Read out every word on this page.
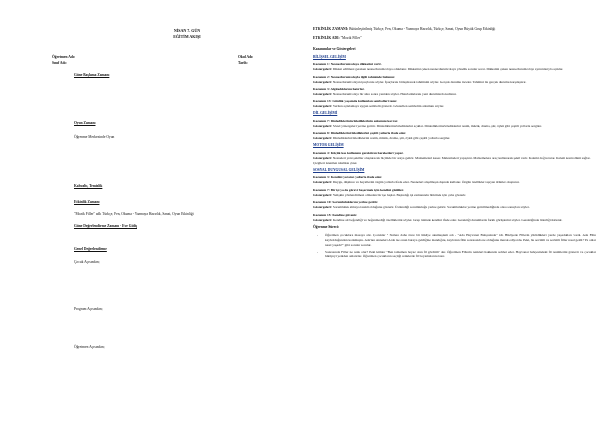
NİSAN 7. GÜN
EĞİTİM AKIŞI
Öğretmen Adı:	Okul Adı:
Sınıf Adı:	Tarih:
Güne Başlama Zamanı
Oyun Zamanı
Öğrenme Merkezinde Oyun
Kahvaltı, Temizlik
Etkinlik Zamanı
"Mozik Filler" adlı Türkçe, Fen, Okuma - Yazmaya Hazırlık, Sanat, Oyun Etkinliği
Güne Değerlendirme Zamanı - Eve Gidiş
Genel Değerlendirme
Çocuk Açısından;
Program Açısından;
Öğretmen Açısından;
ETKİNLİK ZAMANI: Bütünleştirilmiş Türkçe, Fen, Okuma - Yazmaya Hazırlık, Türkçe, Sanat, Oyun Büyük Grup Etkinliği
ETKİNLİK ADI: "Mozik Filler"
Kazanımlar ve Göstergeleri
BİLİŞSEL GELİŞİM
Kazanım 1: Nesne/durum/olaya dikkatini verir.
Göstergeleri: Dikkat edilmesi gereken nesne/durum/olaya odaklanır. Dikkatini çeken nesne/durum/olaya yönelik sorular sorar. Dikkatini çeken nesne/durum/olayı ayrıntılarıyla açıklar.
Kazanım 2: Nesne/durum/olayla ilgili tahminde bulunur.
Göstergeleri: Nesne/durum/olayın ipuçlarını söyler. İpuçlarını birleştirerek tahminini söyler. Gerçek durumu inceler. Tahmini ile gerçek durumu karşılaştırır.
Kazanım 3: Algıladıklarını hatırlar.
Göstergeleri: Nesne/durum/olayı bir süre sonra yeniden söyler. Hatırladıklarını yeni durumlarda kullanır.
Kazanım 13: Günlük yaşamda kullanılan sembolleri tanır.
Göstergeleri: Verilen açıklamaya uygun sembolü gösterir. Gösterilen sembolün anlamını söyler.
DİL GELİŞİMİ
Kazanım 7: Dinlediklerinin/izlediklerinin anlamını kavrar.
Göstergeleri: Sözel yönergeleri yerine getirir. Dinlediklerini/izlediklerini açıklar. Dinlediklerini/izlediklerini resim, müzik, drama, şiir, öykü gibi çeşitli yollarla sergiler.
Kazanım 8: Dinlediklerini/izlediklerini çeşitli yollarla ifade eder.
Göstergeleri: Dinlediklerini/izlediklerini resim, müzik, drama, şiir, öykü gibi çeşitli yollarla sergiler.
MOTOR GELİŞİM
Kazanım 4: Küçük kas kullanımı gerektiren hareketleri yapar.
Göstergeleri: Nesneleri yeni şekiller oluşturacak biçimde bir araya getirir. Malzemeleri keser. Malzemeleri yapıştırır. Malzemelere araç kullanarak şekil verir. Kalemi doğru tutar. Kalem kontrolünü sağlar. Çizgileri istenilen nitelikte çizer.
SOSYAL DUYGUSAL GELİŞİM
Kazanım 3: Kendini yaratıcı yollarla ifade eder.
Göstergeleri: Duygu, düşünce ve hayallerini özgün yollarla ifade eder. Nesneleri alışılmışın dışında kullanır. Özgün özellikler taşıyan ürünler oluşturur.
Kazanım 7: Bir işi ya da görevi başarmak için kendini güdüler.
Göstergeleri: Yetişkin yönlendirmesi olmadan bir işe başlar. Başladığı işi zamanında bitirmek için çaba gösterir.
Kazanım 10: Sorumluluklarını yerine getirir.
Göstergeleri: Sorumluluk almaya istekli olduğunu gösterir. Üstlendiği sorumluluğu yerine getirir. Sorumluluklar yerine getirilmediğinde olası sonuçları söyler.
Kazanım 15: Kendine güvenir.
Göstergeleri: Kendine ait beğendiği ve beğenmediği özelliklerini söyler. Grup önünde kendini ifade eder. Gerektiği durumlarda farklı görüşlerini söyler. Gerektiğinde liderliği üstlenir.
Öğrenme Süreci:
- Öğretmen çocuklara masaya alır. Çocuklar " Sizlere daha önce bir hikâye okumuştum adı - "Ada Hayvanat Bahçesinde" idi. Hikâyede Fillerin yürüdükleri yerde yaşadıkları vardı. Ada Filin kaybolduğundan korkmuştu. Ada'nın Anneleri Arda ise onun buraya geldiğine inandığını, kaybolan filin sonrasında ne olduğunu merak ediyordu. Peki, bu sevimli ve sevimli filler nasıl geldi? Ya onlar nasıl yaşadı?" gibi sorular sorulur.
- Sonrasında Filler ne renk olur? Peki kimler "Ben tamamen beyaz olan fil gördüm" der. Öğretmen Fillerin renkleri hakkında sohbet eder. Hayvanat bahçesindeki fil resimlerini gösterir ve çocuklar hikâyeyi yeniden anlatırlar. Öğretmen çocukların seçtiği renklerde fil boyamalarını ister.
